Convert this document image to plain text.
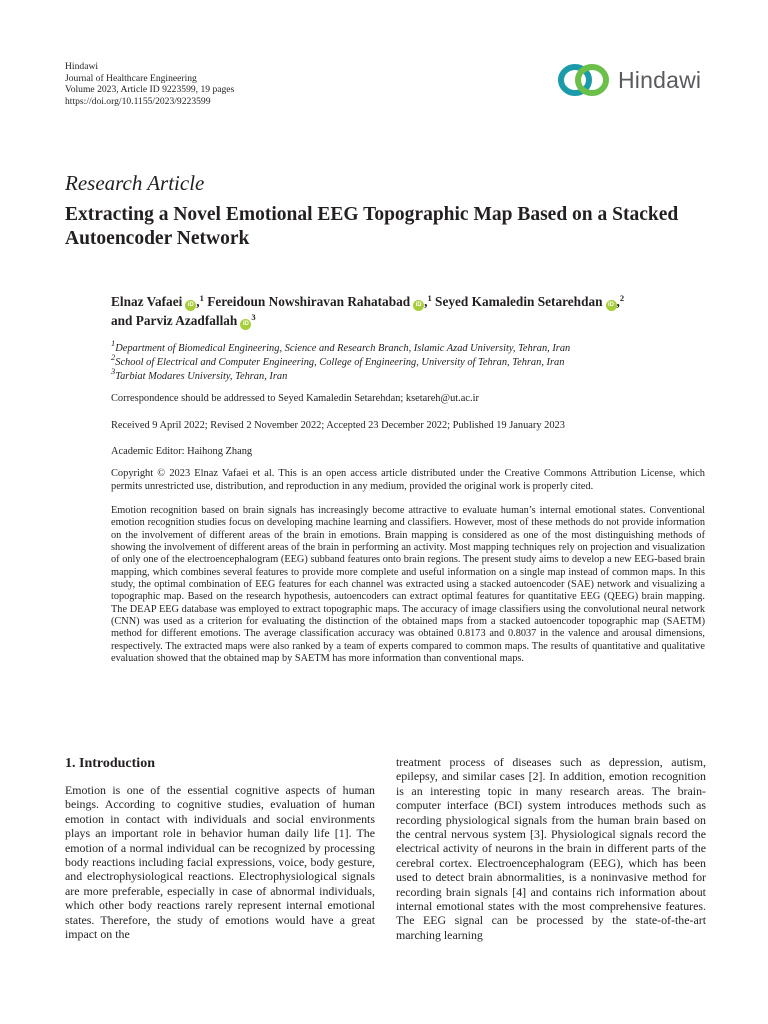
Hindawi
Journal of Healthcare Engineering
Volume 2023, Article ID 9223599, 19 pages
https://doi.org/10.1155/2023/9223599
Hindawi
Research Article
Extracting a Novel Emotional EEG Topographic Map Based on a Stacked Autoencoder Network
Elnaz Vafaei iD ,$^1$ Fereidoun Nowshiravan Rahatabad iD ,$^1$ Seyed Kamaledin Setarehdan iD ,$^2$
and Parviz Azadfallah $iD^3$
$^1$Department of Biomedical Engineering, Science and Research Branch, Islamic Azad University, Tehran, Iran
$^2$School of Electrical and Computer Engineering, College of Engineering, University of Tehran, Tehran, Iran
$^3$Tarbiat Modares University, Tehran, Iran
Correspondence should be addressed to Seyed Kamaledin Setarehdan; ksetareh@ut.ac.ir
Received 9 April 2022; Revised 2 November 2022; Accepted 23 December 2022; Published 19 January 2023
Academic Editor: Haihong Zhang
Copyright © 2023 Elnaz Vafaei et al. This is an open access article distributed under the Creative Commons Attribution License, which permits unrestricted use, distribution, and reproduction in any medium, provided the original work is properly cited.

Emotion recognition based on brain signals has increasingly become attractive to evaluate human’s internal emotional states. Conventional emotion recognition studies focus on developing machine learning and classifiers. However, most of these methods do not provide information on the involvement of different areas of the brain in emotions. Brain mapping is considered as one of the most distinguishing methods of showing the involvement of different areas of the brain in performing an activity. Most mapping techniques rely on projection and visualization of only one of the electroencephalogram (EEG) subband features onto brain regions. The present study aims to develop a new EEG-based brain mapping, which combines several features to provide more complete and useful information on a single map instead of common maps. In this study, the optimal combination of EEG features for each channel was extracted using a stacked autoencoder (SAE) network and visualizing a topographic map. Based on the research hypothesis, autoencoders can extract optimal features for quantitative EEG (QEEG) brain mapping. The DEAP EEG database was employed to extract topographic maps. The accuracy of image classifiers using the convolutional neural network (CNN) was used as a criterion for evaluating the distinction of the obtained maps from a stacked autoencoder topographic map (SAETM) method for different emotions. The average classification accuracy was obtained 0.8173 and 0.8037 in the valence and arousal dimensions, respectively. The extracted maps were also ranked by a team of experts compared to common maps. The results of quantitative and qualitative evaluation showed that the obtained map by SAETM has more information than conventional maps.

1. Introduction

Emotion is one of the essential cognitive aspects of human beings. According to cognitive studies, evaluation of human emotion in contact with individuals and social environments plays an important role in behavior human daily life [1]. The emotion of a normal individual can be recognized by processing body reactions including facial expressions, voice, body gesture, and electrophysiological reactions. Electrophysiological signals are more preferable, especially in case of abnormal individuals, which other body reactions rarely represent internal emotional states. Therefore, the study of emotions would have a great impact on the

treatment process of diseases such as depression, autism, epilepsy, and similar cases [2]. In addition, emotion recognition is an interesting topic in many research areas. The brain-computer interface (BCI) system introduces methods such as recording physiological signals from the human brain based on the central nervous system [3]. Physiological signals record the electrical activity of neurons in the brain in different parts of the cerebral cortex. Electroencephalogram (EEG), which has been used to detect brain abnormalities, is a noninvasive method for recording brain signals [4] and contains rich information about internal emotional states with the most comprehensive features. The EEG signal can be processed by the state-of-the-art marching learning
